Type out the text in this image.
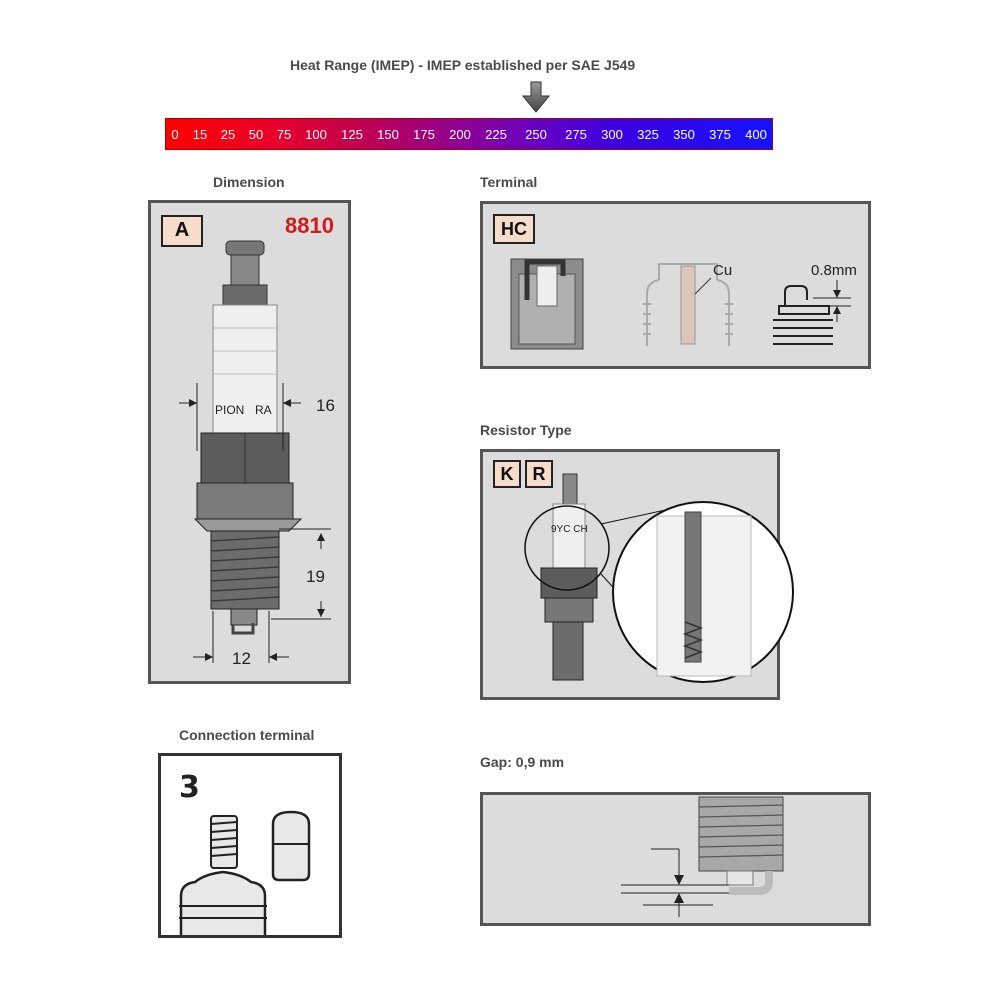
Heat Range (IMEP) - IMEP established per SAE J549
0 15 25 50 75 100 125 150 175 200 225 250 275 300 325 350 375 400
Dimension
A	8810
PION RA	16
19
12
Terminal
HC
Cu	0.8mm
Resistor Type
K	R
9YC CH
Connection terminal
3
Gap: 0,9 mm
